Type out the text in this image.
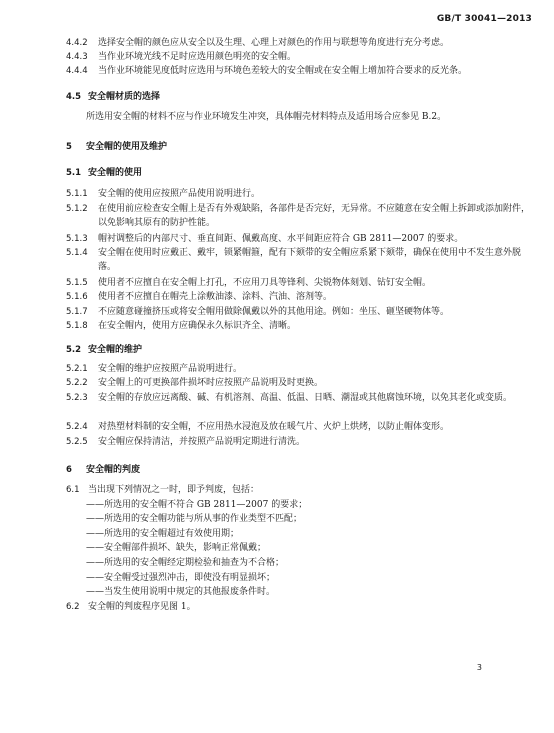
GB/T 30041—2013
4.4.2	选择安全帽的颜色应从安全以及生理、心理上对颜色的作用与联想等角度进行充分考虑。
4.4.3	当作业环境光线不足时应选用颜色明亮的安全帽。
4.4.4	当作业环境能见度低时应选用与环境色差较大的安全帽或在安全帽上增加符合要求的反光条。
4.5 安全帽材质的选择
所选用安全帽的材料不应与作业环境发生冲突，具体帽壳材料特点及适用场合应参见 B.2。
5	安全帽的使用及维护
5.1 安全帽的使用
5.1.1	安全帽的使用应按照产品使用说明进行。
5.1.2	在使用前应检查安全帽上是否有外观缺陷，各部件是否完好，无异常。不应随意在安全帽上拆卸或添加附件，以免影响其原有的防护性能。
5.1.3	帽衬调整后的内部尺寸、垂直间距、佩戴高度、水平间距应符合 GB 2811—2007 的要求。
5.1.4	安全帽在使用时应戴正、戴牢，锁紧帽箍，配有下颏带的安全帽应系紧下颏带，确保在使用中不发生意外脱落。
5.1.5	使用者不应擅自在安全帽上打孔，不应用刀具等锋利、尖锐物体刻划、钻钉安全帽。
5.1.6	使用者不应擅自在帽壳上涂敷油漆、涂料、汽油、溶剂等。
5.1.7	不应随意碰撞挤压或将安全帽用做除佩戴以外的其他用途。例如：坐压、砸坚硬物体等。
5.1.8	在安全帽内，使用方应确保永久标识齐全、清晰。
5.2 安全帽的维护
5.2.1	安全帽的维护应按照产品说明进行。
5.2.2	安全帽上的可更换部件损坏时应按照产品说明及时更换。
5.2.3	安全帽的存放应远离酸、碱、有机溶剂、高温、低温、日晒、潮湿或其他腐蚀环境，以免其老化或变质。
5.2.4	对热塑材料制的安全帽，不应用热水浸泡及放在暖气片、火炉上烘烤，以防止帽体变形。
5.2.5	安全帽应保持清洁，并按照产品说明定期进行清洗。
6	安全帽的判废
6.1 当出现下列情况之一时，即予判废，包括：
——所选用的安全帽不符合 GB 2811—2007 的要求；
——所选用的安全帽功能与所从事的作业类型不匹配；
——所选用的安全帽超过有效使用期；
——安全帽部件损坏、缺失，影响正常佩戴；
——所选用的安全帽经定期检验和抽查为不合格；
——安全帽受过强烈冲击，即使没有明显损坏；
——当发生使用说明中规定的其他报废条件时。
6.2 安全帽的判废程序见图 1。
3
